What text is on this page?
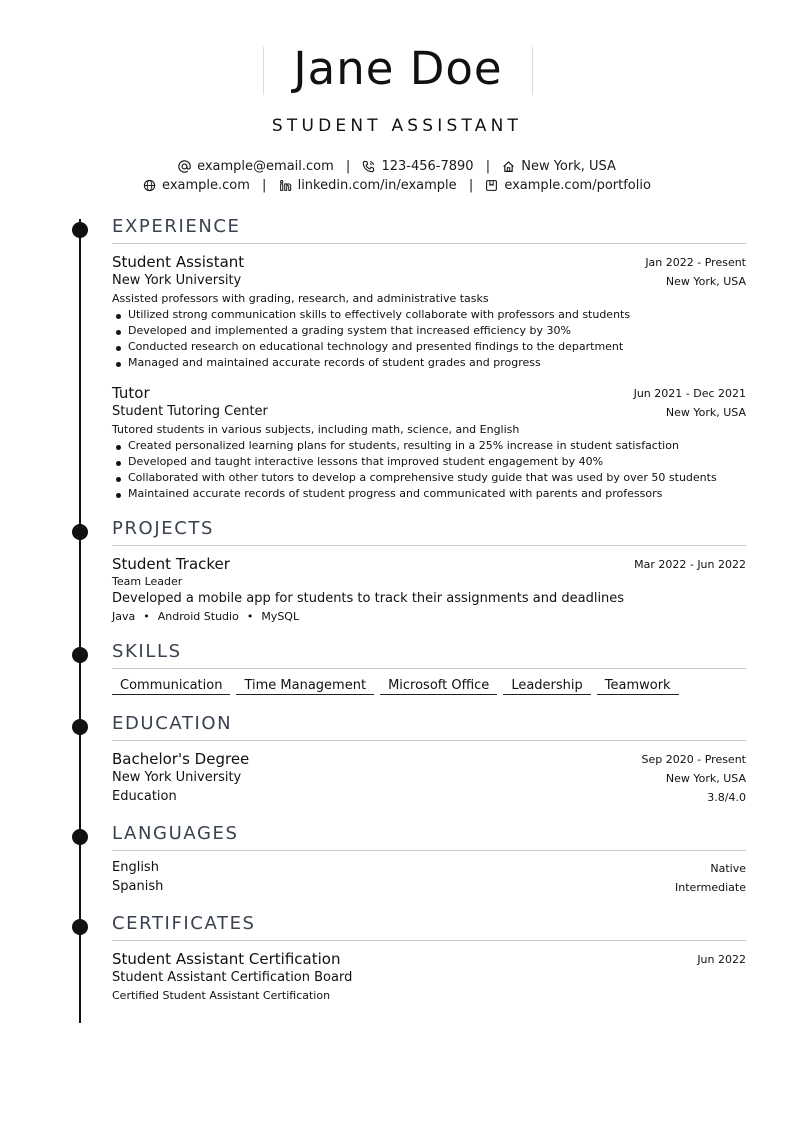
Jane Doe
STUDENT ASSISTANT
example@email.com | 123-456-7890 | New York, USA
example.com | linkedin.com/in/example | example.com/portfolio
EXPERIENCE
Student Assistant	Jan 2022 - Present
New York University	New York, USA
Assisted professors with grading, research, and administrative tasks
Utilized strong communication skills to effectively collaborate with professors and students
Developed and implemented a grading system that increased efficiency by 30%
Conducted research on educational technology and presented findings to the department
Managed and maintained accurate records of student grades and progress
Tutor	Jun 2021 - Dec 2021
Student Tutoring Center	New York, USA
Tutored students in various subjects, including math, science, and English
Created personalized learning plans for students, resulting in a 25% increase in student satisfaction
Developed and taught interactive lessons that improved student engagement by 40%
Collaborated with other tutors to develop a comprehensive study guide that was used by over 50 students
Maintained accurate records of student progress and communicated with parents and professors
PROJECTS
Student Tracker	Mar 2022 - Jun 2022
Team Leader
Developed a mobile app for students to track their assignments and deadlines
Java • Android Studio • MySQL
SKILLS
Communication Time Management Microsoft Office Leadership Teamwork
EDUCATION
Bachelor's Degree	Sep 2020 - Present
New York University	New York, USA
Education	3.8/4.0
LANGUAGES
English	Native
Spanish	Intermediate
CERTIFICATES
Student Assistant Certification	Jun 2022
Student Assistant Certification Board
Certified Student Assistant Certification
